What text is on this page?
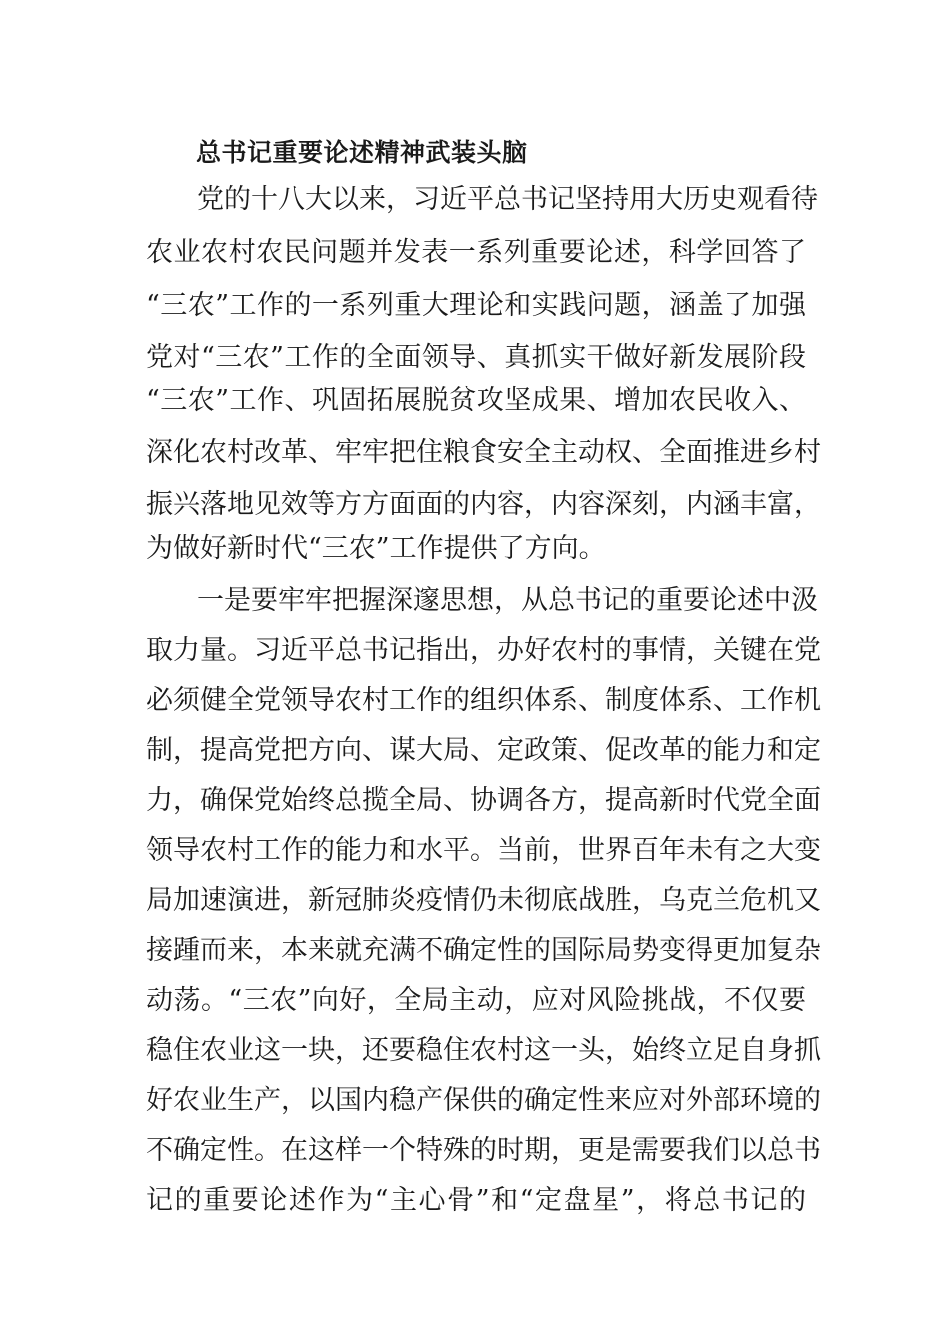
总书记重要论述精神武装头脑
党的十八大以来，习近平总书记坚持用大历史观看待
农业农村农民问题并发表一系列重要论述，科学回答了
“三农”工作的一系列重大理论和实践问题，涵盖了加强
党对“三农”工作的全面领导、真抓实干做好新发展阶段
“三农”工作、巩固拓展脱贫攻坚成果、增加农民收入、
深化农村改革、牢牢把住粮食安全主动权、全面推进乡村
振兴落地见效等方方面面的内容，内容深刻，内涵丰富，
为做好新时代“三农”工作提供了方向。
一是要牢牢把握深邃思想，从总书记的重要论述中汲
取力量。习近平总书记指出，办好农村的事情，关键在党
必须健全党领导农村工作的组织体系、制度体系、工作机
制，提高党把方向、谋大局、定政策、促改革的能力和定
力，确保党始终总揽全局、协调各方，提高新时代党全面
领导农村工作的能力和水平。当前，世界百年未有之大变
局加速演进，新冠肺炎疫情仍未彻底战胜，乌克兰危机又
接踵而来，本来就充满不确定性的国际局势变得更加复杂
动荡。“三农”向好，全局主动，应对风险挑战，不仅要
稳住农业这一块，还要稳住农村这一头，始终立足自身抓
好农业生产，以国内稳产保供的确定性来应对外部环境的
不确定性。在这样一个特殊的时期，更是需要我们以总书
记的重要论述作为“主心骨”和“定盘星”，将总书记的
